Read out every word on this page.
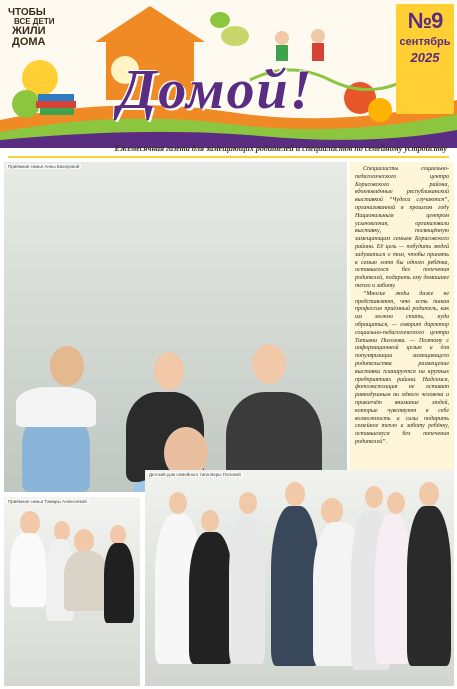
ЧТОБЫ
ВСЕ ДЕТИ
ЖИЛИ
ДОМА
Домой!
№9
сентябрь
2025
Ежемесячная газета для замещающих родителей и специалистов по семейному устройству
Приёмная семья Анны Бахеровой	Специалисты социально-педагогического центра Борисовского района, вдохновлённые республиканской выставкой “Чудеса случаются”, организованной в прошлом году Национальным центром усыновления, организовали выставку, посвящённую замещающим семьям Борисовского района. Её цель — побудить людей задуматься о том, чтобы принять в семью хотя бы одного ребёнка, оставшегося без попечения родителей, подарить ему домашнее тепло и заботу.

“Многие люды даже не представляют, что есть такая профессия приёмный родитель, как им можно стать, куда обращаться, — говорит директор социально-педагогического центра Татьяна Полозова. — Поэтому с информационной целью и для популяризации замещающего родительства размещение выставки планируется на крупных предприятиях района. Надеемся, фотоэкспозиция не оставит равнодушным ни одного человека и привлечёт внимание людей, которые чувствуют в себе возможность и силы подарить семейное тепло и заботу ребёнку, оставшемуся без попечения родителей”.

Приёмная семья Тамары Алексеевой
Детский дом семейного типа Веры Поповой
